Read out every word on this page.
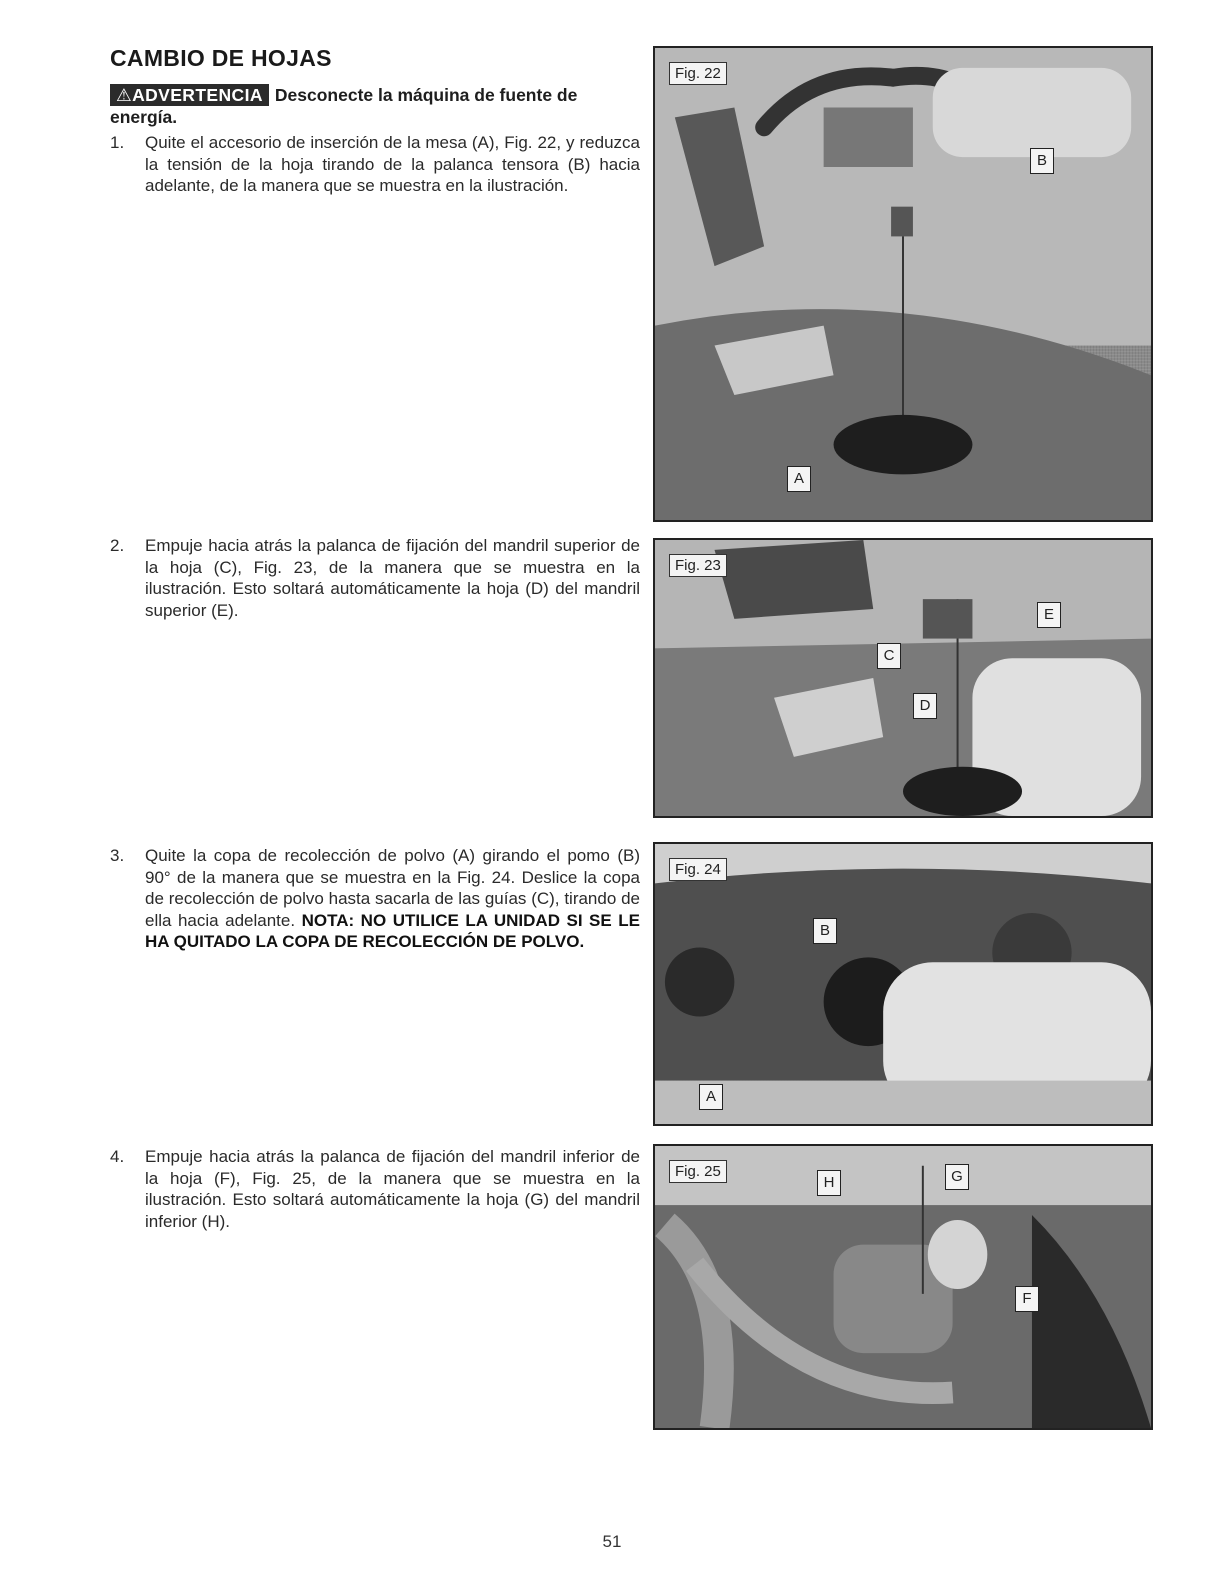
CAMBIO DE HOJAS
⚠ADVERTENCIA Desconecte la máquina de fuente de energía.
1. Quite el accesorio de inserción de la mesa (A), Fig. 22, y reduzca la tensión de la hoja tirando de la palanca tensora (B) hacia adelante, de la manera que se muestra en la ilustración.
2. Empuje hacia atrás la palanca de fijación del mandril superior de la hoja (C), Fig. 23, de la manera que se muestra en la ilustración. Esto soltará automáticamente la hoja (D) del mandril superior (E).
3. Quite la copa de recolección de polvo (A) girando el pomo (B) 90° de la manera que se muestra en la Fig. 24. Deslice la copa de recolección de polvo hasta sacarla de las guías (C), tirando de ella hacia adelante. NOTA: NO UTILICE LA UNIDAD SI SE LE HA QUITADO LA COPA DE RECOLECCIÓN DE POLVO.
4. Empuje hacia atrás la palanca de fijación del mandril inferior de la hoja (F), Fig. 25, de la manera que se muestra en la ilustración. Esto soltará automáticamente la hoja (G) del mandril inferior (H).
Fig. 22
B
A
Fig. 23
E
C
D
Fig. 24
B
A
Fig. 25
H	G
F
51
